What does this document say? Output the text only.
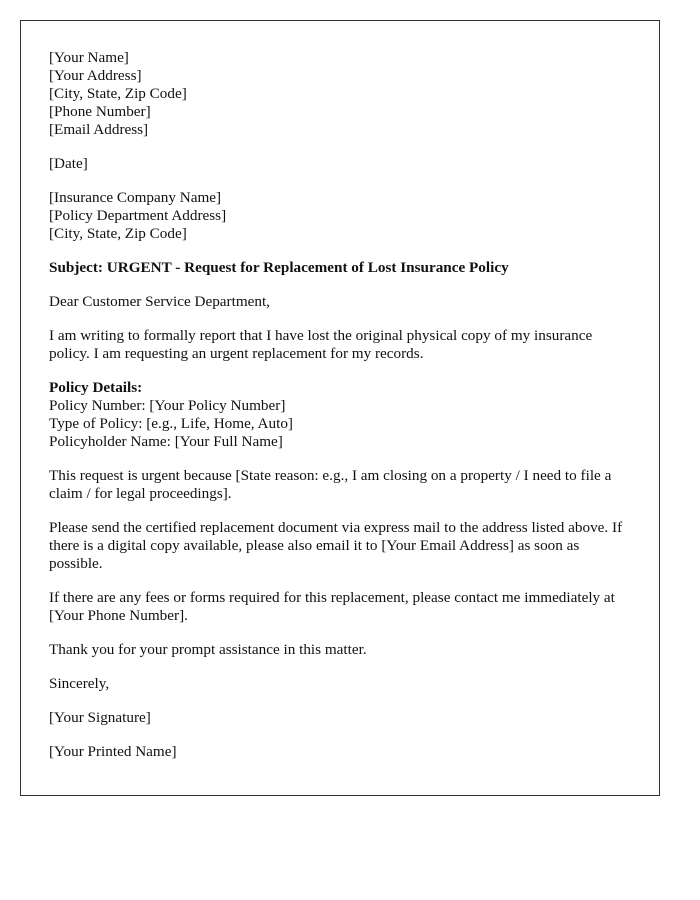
[Your Name]
[Your Address]
[City, State, Zip Code]
[Phone Number]
[Email Address]
[Date]
[Insurance Company Name]
[Policy Department Address]
[City, State, Zip Code]
Subject: URGENT - Request for Replacement of Lost Insurance Policy
Dear Customer Service Department,
I am writing to formally report that I have lost the original physical copy of my insurance policy. I am requesting an urgent replacement for my records.
Policy Details:
Policy Number: [Your Policy Number]
Type of Policy: [e.g., Life, Home, Auto]
Policyholder Name: [Your Full Name]
This request is urgent because [State reason: e.g., I am closing on a property / I need to file a claim / for legal proceedings].
Please send the certified replacement document via express mail to the address listed above. If there is a digital copy available, please also email it to [Your Email Address] as soon as possible.
If there are any fees or forms required for this replacement, please contact me immediately at [Your Phone Number].
Thank you for your prompt assistance in this matter.
Sincerely,
[Your Signature]
[Your Printed Name]
